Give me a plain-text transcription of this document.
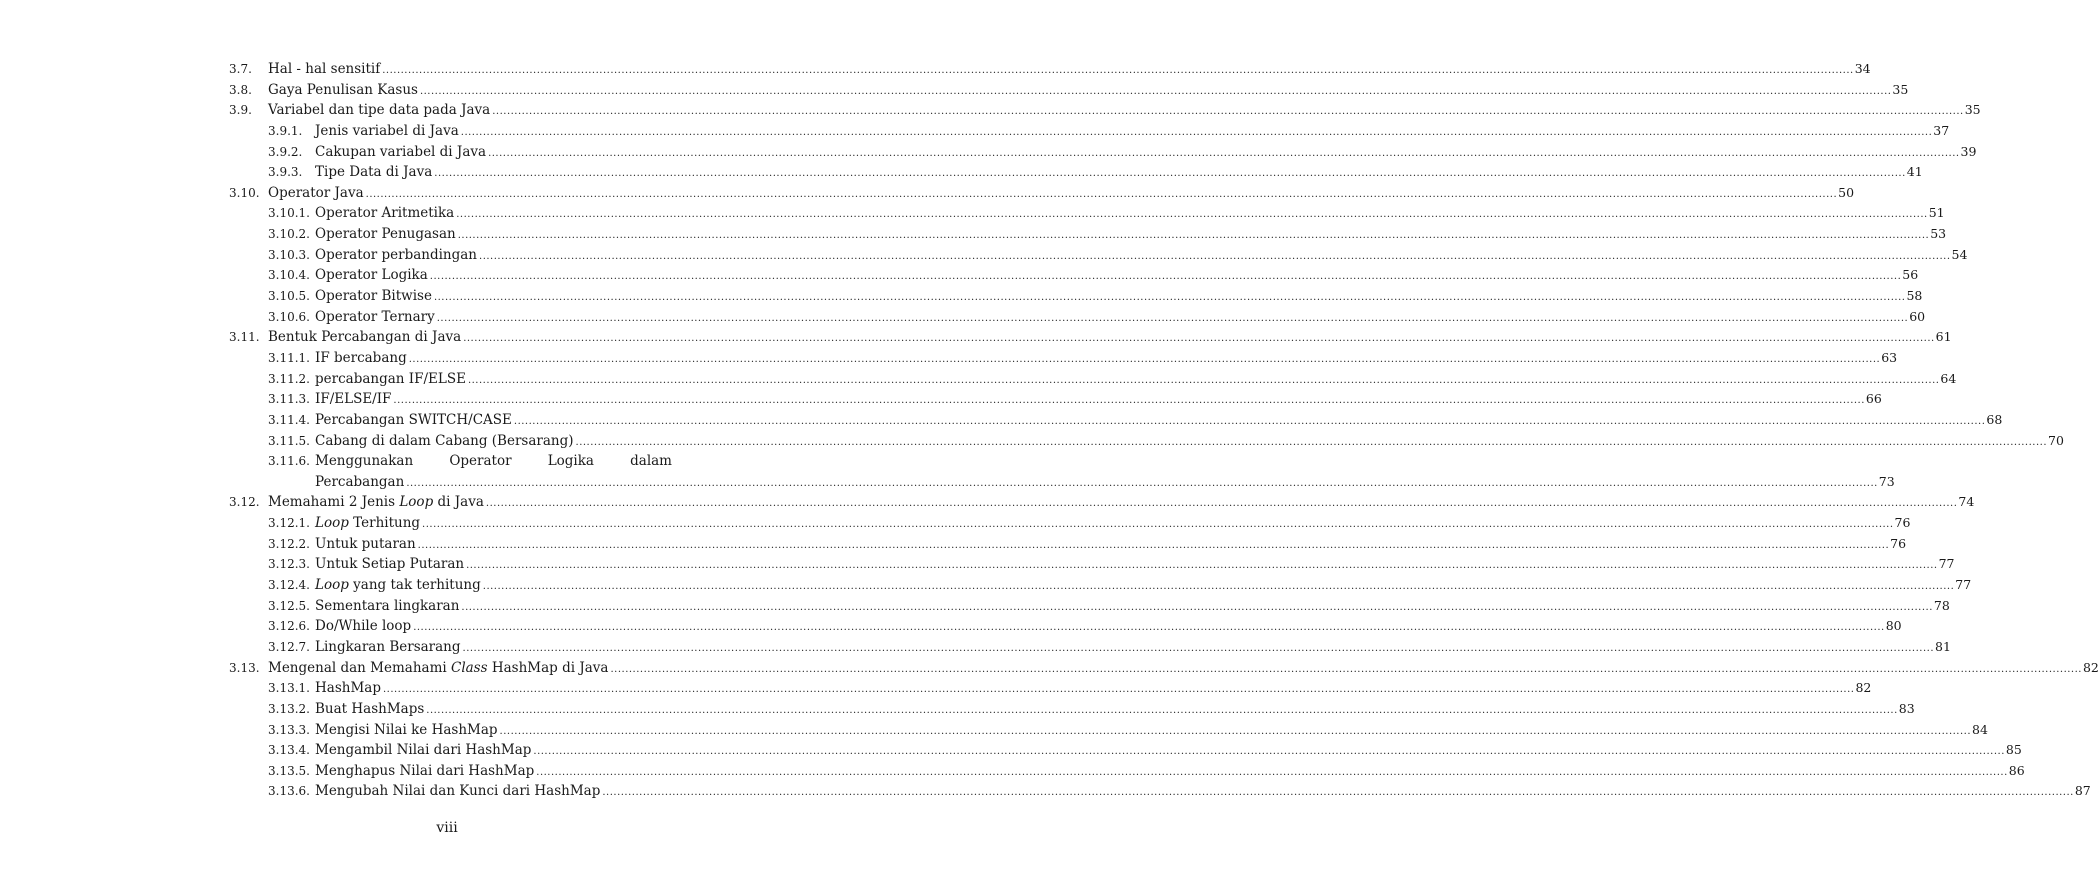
3.7. Hal - hal sensitif ................................................................................................................................................................................................................................................................................................................................................................................................................ 34
3.8. Gaya Penulisan Kasus ................................................................................................................................................................................................................................................................................................................................................................................................................ 35
3.9. Variabel dan tipe data pada Java ................................................................................................................................................................................................................................................................................................................................................................................................................ 35
3.9.1. Jenis variabel di Java ................................................................................................................................................................................................................................................................................................................................................................................................................ 37
3.9.2. Cakupan variabel di Java ................................................................................................................................................................................................................................................................................................................................................................................................................ 39
3.9.3. Tipe Data di Java ................................................................................................................................................................................................................................................................................................................................................................................................................ 41
3.10. Operator Java ................................................................................................................................................................................................................................................................................................................................................................................................................ 50
3.10.1. Operator Aritmetika ................................................................................................................................................................................................................................................................................................................................................................................................................ 51
3.10.2. Operator Penugasan ................................................................................................................................................................................................................................................................................................................................................................................................................ 53
3.10.3. Operator perbandingan ................................................................................................................................................................................................................................................................................................................................................................................................................ 54
3.10.4. Operator Logika ................................................................................................................................................................................................................................................................................................................................................................................................................ 56
3.10.5. Operator Bitwise ................................................................................................................................................................................................................................................................................................................................................................................................................ 58
3.10.6. Operator Ternary ................................................................................................................................................................................................................................................................................................................................................................................................................ 60
3.11. Bentuk Percabangan di Java ................................................................................................................................................................................................................................................................................................................................................................................................................ 61
3.11.1. IF bercabang ................................................................................................................................................................................................................................................................................................................................................................................................................ 63
3.11.2. percabangan IF/ELSE ................................................................................................................................................................................................................................................................................................................................................................................................................ 64
3.11.3. IF/ELSE/IF ................................................................................................................................................................................................................................................................................................................................................................................................................ 66
3.11.4. Percabangan SWITCH/CASE ................................................................................................................................................................................................................................................................................................................................................................................................................ 68
3.11.5. Cabang di dalam Cabang (Bersarang) ................................................................................................................................................................................................................................................................................................................................................................................................................ 70
3.11.6. Menggunakan	Operator	Logika	dalam
Percabangan ................................................................................................................................................................................................................................................................................................................................................................................................................ 73
3.12. Memahami 2 Jenis Loop di Java ................................................................................................................................................................................................................................................................................................................................................................................................................ 74
3.12.1. Loop Terhitung ................................................................................................................................................................................................................................................................................................................................................................................................................ 76
3.12.2. Untuk putaran ................................................................................................................................................................................................................................................................................................................................................................................................................ 76
3.12.3. Untuk Setiap Putaran ................................................................................................................................................................................................................................................................................................................................................................................................................ 77
3.12.4. Loop yang tak terhitung ................................................................................................................................................................................................................................................................................................................................................................................................................ 77
3.12.5. Sementara lingkaran ................................................................................................................................................................................................................................................................................................................................................................................................................ 78
3.12.6. Do/While loop ................................................................................................................................................................................................................................................................................................................................................................................................................ 80
3.12.7. Lingkaran Bersarang ................................................................................................................................................................................................................................................................................................................................................................................................................ 81
3.13. Mengenal dan Memahami Class HashMap di Java ................................................................................................................................................................................................................................................................................................................................................................................................................ 82
3.13.1. HashMap ................................................................................................................................................................................................................................................................................................................................................................................................................ 82
3.13.2. Buat HashMaps ................................................................................................................................................................................................................................................................................................................................................................................................................ 83
3.13.3. Mengisi Nilai ke HashMap ................................................................................................................................................................................................................................................................................................................................................................................................................ 84
3.13.4. Mengambil Nilai dari HashMap ................................................................................................................................................................................................................................................................................................................................................................................................................ 85
3.13.5. Menghapus Nilai dari HashMap ................................................................................................................................................................................................................................................................................................................................................................................................................ 86
3.13.6. Mengubah Nilai dan Kunci dari HashMap ................................................................................................................................................................................................................................................................................................................................................................................................................ 87
viii
